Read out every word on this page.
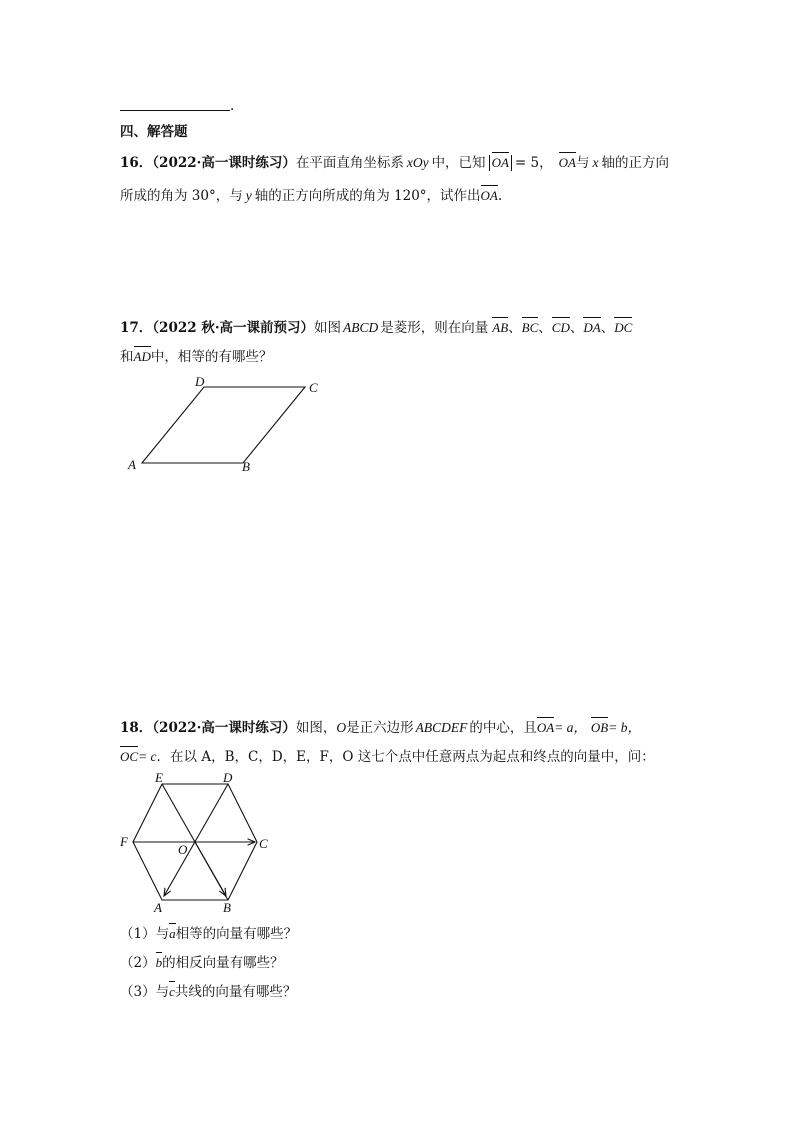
.
四、解答题
16．（2022·高一课时练习）在平面直角坐标系 xOy 中，已知 OA = 5， OA与 x 轴的正方向
所成的角为 30°，与 y 轴的正方向所成的角为 120°，试作出OA.
17．（2022 秋·高一课前预习）如图 ABCD 是菱形，则在向量 AB、BC、CD、DA、DC
和AD中，相等的有哪些？
A	B
C
D
18．（2022·高一课时练习）如图，O是正六边形 ABCDEF 的中心，且OA= a， OB= b，
OC= c．在以 A，B，C，D，E，F，O 这七个点中任意两点为起点和终点的向量中，问：
E	D
F
O	C
A	B
（1）与a相等的向量有哪些？
（2）b的相反向量有哪些？
（3）与c共线的向量有哪些？
